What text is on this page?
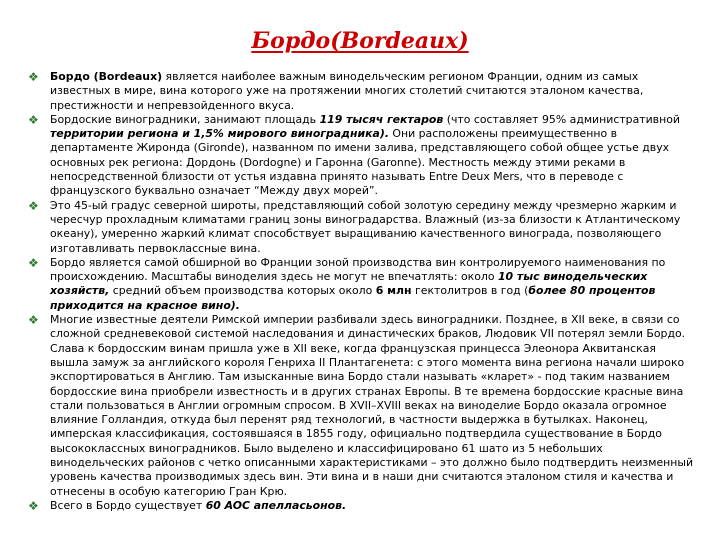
Бордо(Bordeaux)
❖ Бордо (Bordeaux) является наиболее важным винодельческим регионом Франции, одним из самых известных в мире, вина которого уже на протяжении многих столетий считаются эталоном качества, престижности и непревзойденного вкуса.

❖ Бордоские виноградники, занимают площадь 119 тысяч гектаров (что составляет 95% административной территории региона и 1,5% мирового виноградника). Они расположены преимущественно в департаменте Жиронда (Gironde), названном по имени залива, представляющего собой общее устье двух основных рек региона: Дордонь (Dordogne) и Гаронна (Garonne). Местность между этими реками в непосредственной близости от устья издавна принято называть Entre Deux Mers, что в переводе с французского буквально означает “Между двух морей”.

❖ Это 45-ый градус северной широты, представляющий собой золотую середину между чрезмерно жарким и чересчур прохладным климатами границ зоны виноградарства. Влажный (из-за близости к Атлантическому океану), умеренно жаркий климат способствует выращиванию качественного винограда, позволяющего изготавливать первоклассные вина.

❖ Бордо является самой обширной во Франции зоной производства вин контролируемого наименования по происхождению. Масштабы виноделия здесь не могут не впечатлять: около 10 тыс винодельческих хозяйств, средний объем производства которых около 6 млн гектолитров в год (более 80 процентов приходится на красное вино).

❖ Многие известные деятели Римской империи разбивали здесь виноградники. Позднее, в XII веке, в связи со сложной средневековой системой наследования и династических браков, Людовик VII потерял земли Бордо. Слава к бордосским винам пришла уже в XII веке, когда французская принцесса Элеонора Аквитанская вышла замуж за английского короля Генриха II Плантагенета: с этого момента вина региона начали широко экспортироваться в Англию. Там изысканные вина Бордо стали называть «кларет» - под таким названием бордосские вина приобрели известность и в других странах Европы. В те времена бордосские красные вина стали пользоваться в Англии огромным спросом. В XVII–XVIII веках на виноделие Бордо оказала огромное влияние Голландия, откуда был перенят ряд технологий, в частности выдержка в бутылках. Наконец, имперская классификация, состоявшаяся в 1855 году, официально подтвердила существование в Бордо высококлассных виноградников. Было выделено и классифицировано 61 шато из 5 небольших винодельческих районов с четко описанными характеристиками – это должно было подтвердить неизменный уровень качества производимых здесь вин. Эти вина и в наши дни считаются эталоном стиля и качества и отнесены в особую категорию Гран Крю.

❖ Всего в Бордо существует 60 AOC апелласьонов.
